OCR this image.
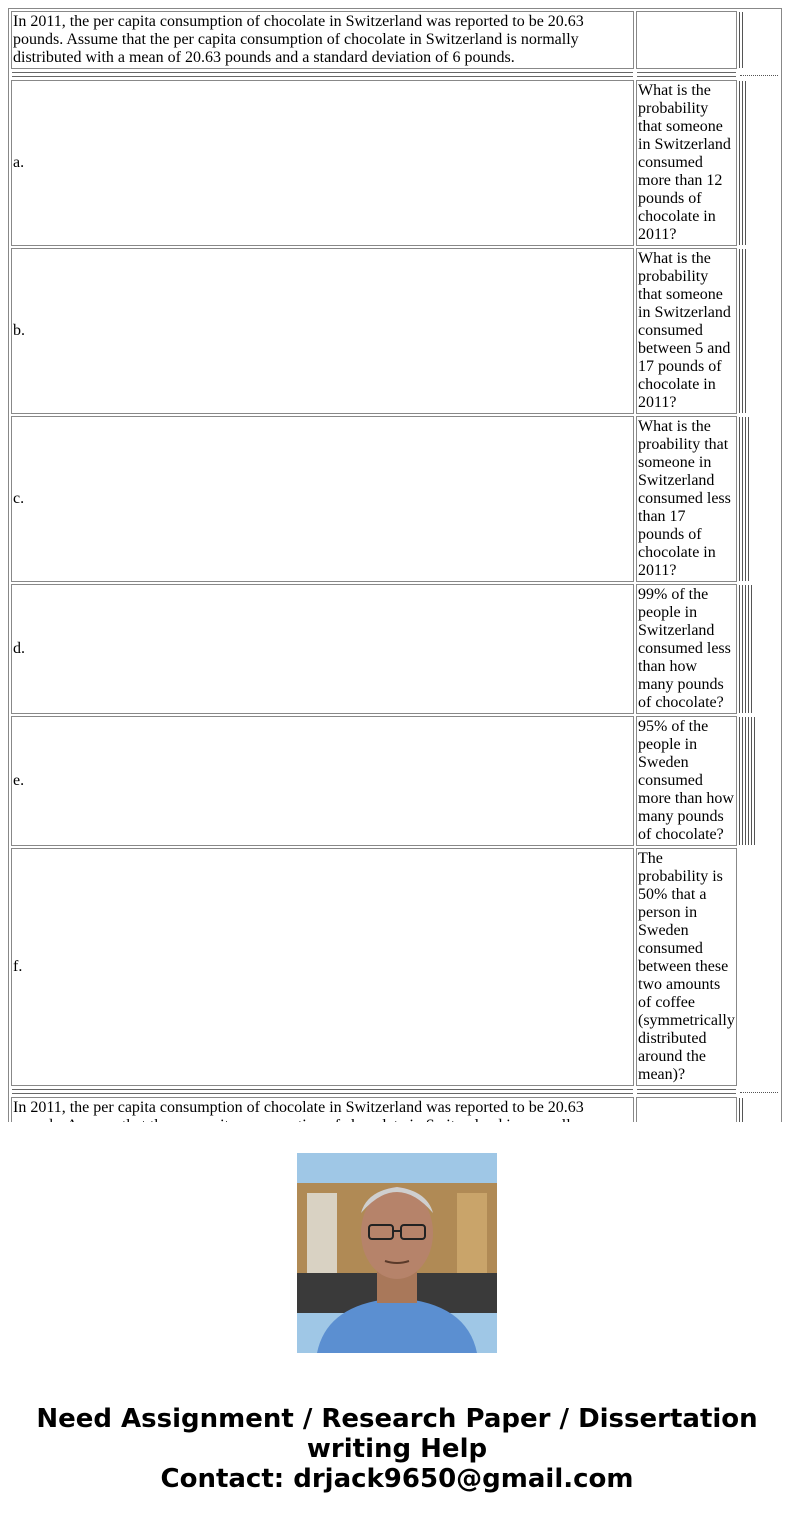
In 2011, the per capita consumption of chocolate in Switzerland was reported to be 20.63 pounds. Assume that the per capita consumption of chocolate in Switzerland is normally distributed with a mean of 20.63 pounds and a standard deviation of 6 pounds.		

a.	What is the probability that someone in Switzerland consumed more than 12 pounds of chocolate in 2011?	

b.	What is the probability that someone in Switzerland consumed between 5 and 17 pounds of chocolate in 2011?	

c.	What is the proability that someone in Switzerland consumed less than 17 pounds of chocolate in 2011?	

d.	99% of the people in Switzerland consumed less than how many pounds of chocolate?	

e.	95% of the people in Sweden consumed more than how many pounds of chocolate?	

f.	The probability is 50% that a person in Sweden consumed between these two amounts of coffee (symmetrically distributed around the mean)?	

In 2011, the per capita consumption of chocolate in Switzerland was reported to be 20.63		
Need Assignment / Research Paper / Dissertation
writing Help
Contact: drjack9650@gmail.com
